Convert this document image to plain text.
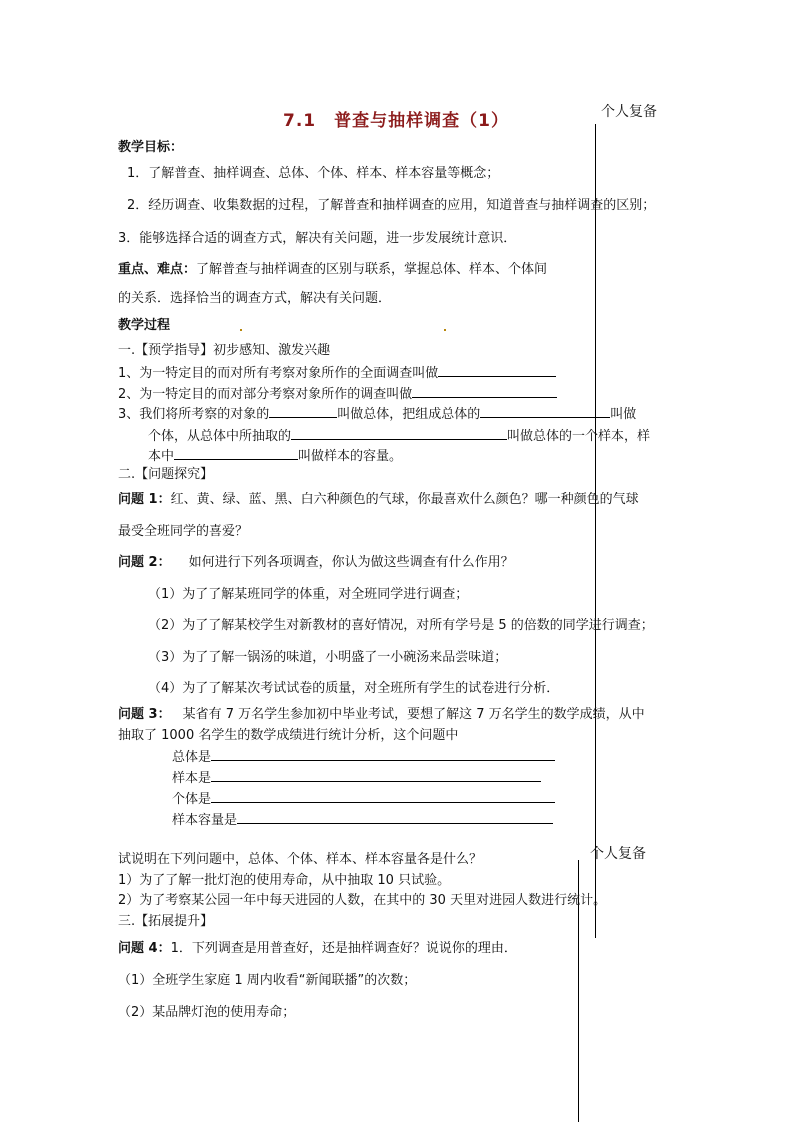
个人复备
个人复备
7.1　普查与抽样调查（1）
教学目标：
1．了解普查、抽样调查、总体、个体、样本、样本容量等概念；
2．经历调查、收集数据的过程，了解普查和抽样调查的应用，知道普查与抽样调查的区别；
3．能够选择合适的调查方式，解决有关问题，进一步发展统计意识．
重点、难点：了解普查与抽样调查的区别与联系，掌握总体、样本、个体间
的关系．选择恰当的调查方式，解决有关问题．
教学过程
一.【预学指导】初步感知、激发兴趣
1、为一特定目的而对所有考察对象所作的全面调查叫做
2、为一特定目的而对部分考察对象所作的调查叫做
3、我们将所考察的对象的	叫做总体，把组成总体的	叫做
个体，从总体中所抽取的	叫做总体的一个样本，样
本中	叫做样本的容量。
二.【问题探究】
问题 1：红、黄、绿、蓝、黑、白六种颜色的气球，你最喜欢什么颜色？哪一种颜色的气球
最受全班同学的喜爱？
问题 2： 如何进行下列各项调查，你认为做这些调查有什么作用？
（1）为了了解某班同学的体重，对全班同学进行调查；
（2）为了了解某校学生对新教材的喜好情况，对所有学号是 5 的倍数的同学进行调查；
（3）为了了解一锅汤的味道，小明盛了一小碗汤来品尝味道；
（4）为了了解某次考试试卷的质量，对全班所有学生的试卷进行分析．
问题 3： 某省有 7 万名学生参加初中毕业考试，要想了解这 7 万名学生的数学成绩，从中
抽取了 1000 名学生的数学成绩进行统计分析，这个问题中
总体是
样本是
个体是
样本容量是
试说明在下列问题中，总体、个体、样本、样本容量各是什么？
1）为了了解一批灯泡的使用寿命，从中抽取 10 只试验。
2）为了考察某公园一年中每天进园的人数，在其中的 30 天里对进园人数进行统计。
三.【拓展提升】
问题 4：1．下列调查是用普查好，还是抽样调查好？说说你的理由．
（1）全班学生家庭 1 周内收看“新闻联播”的次数；
（2）某品牌灯泡的使用寿命；
